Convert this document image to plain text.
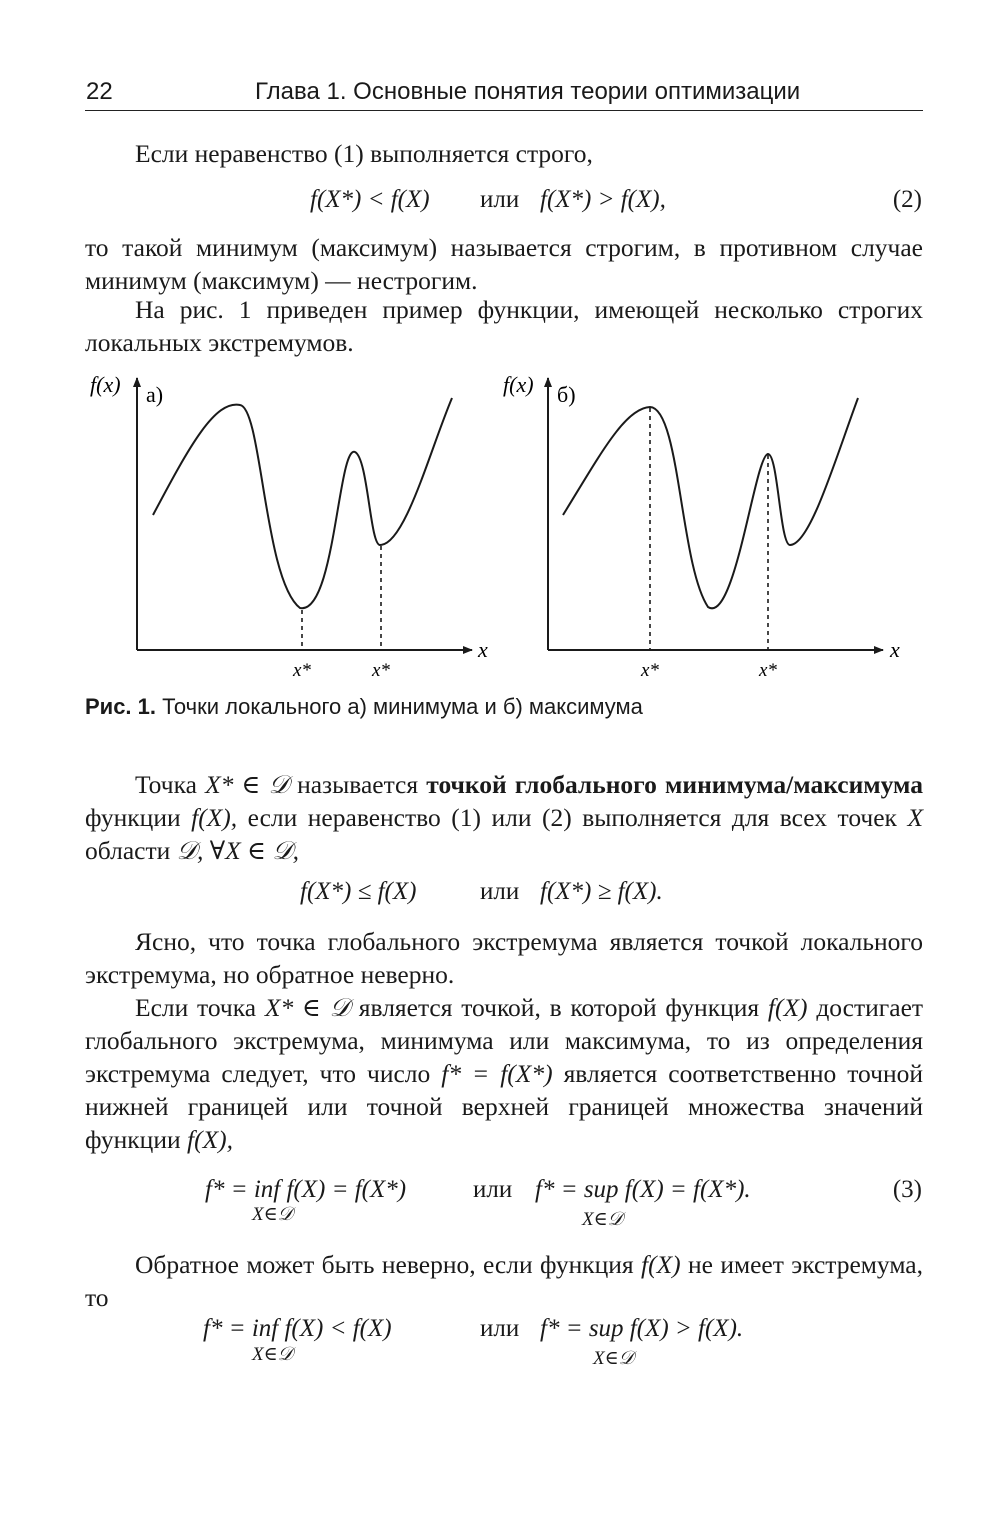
22	Глава 1. Основные понятия теории оптимизации
Если неравенство (1) выполняется строго,
f(X*) < f(X) или f(X*) > f(X),	(2)
то такой минимум (максимум) называется строгим, в противном случае минимум (максимум) — нестрогим.
На рис. 1 приведен пример функции, имеющей несколько строгих локальных экстремумов.
f(x) а)
x
x*	x*
f(x) б)
x
x*	x*
Рис. 1. Точки локального а) минимума и б) максимума
Точка X* ∈ 𝒟 называется точкой глобального минимума/максимума функции f(X), если неравенство (1) или (2) выполняется для всех точек X области 𝒟, ∀X ∈ 𝒟,
f(X*) ≤ f(X)	или f(X*) ≥ f(X).
Ясно, что точка глобального экстремума является точкой локального экстремума, но обратное неверно.
Если точка X* ∈ 𝒟 является точкой, в которой функция f(X) достигает глобального экстремума, минимума или максимума, то из определения экстремума следует, что число f* = f(X*) является соответственно точной нижней границей или точной верхней границей множества значений функции f(X),
f* = inf f(X) = f(X*)
X∈𝒟
или f* = sup f(X) = f(X*).
X∈𝒟
(3)
Обратное может быть неверно, если функция f(X) не имеет экстремума, то
f* = inf f(X) < f(X)
X∈𝒟
или f* = sup f(X) > f(X).
X∈𝒟
